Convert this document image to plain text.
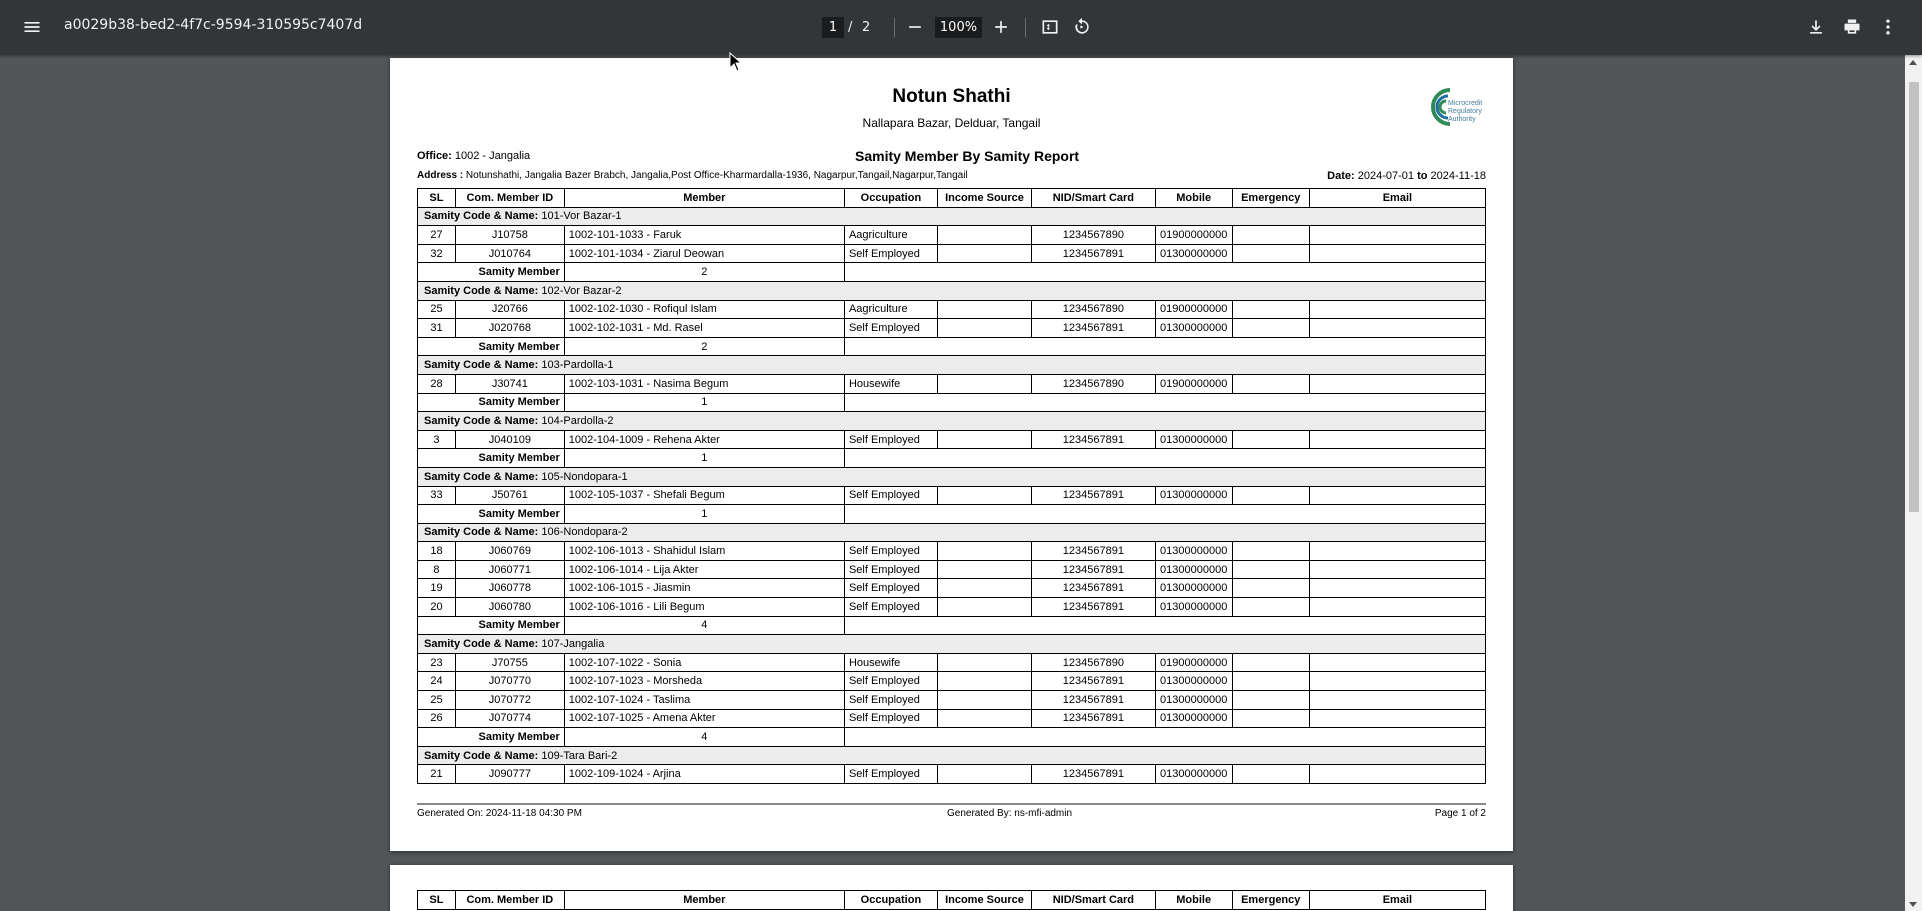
a0029b38-bed2-4f7c-9594-310595c7407d	1 / 2	100%
Notun Shathi
Nallapara Bazar, Delduar, Tangail
Microcredit Regulatory Authority
Samity Member By Samity Report
Office: 1002 - Jangalia
Address : Notunshathi, Jangalia Bazer Brabch, Jangalia,Post Office-Kharmardalla-1936, Nagarpur,Tangail,Nagarpur,Tangail	Date: 2024-07-01 to 2024-11-18
SL	Com. Member ID	Member	Occupation	Income Source	NID/Smart Card	Mobile	Emergency	Email
Samity Code & Name: 101-Vor Bazar-1								
27	J10758	1002-101-1033 - Faruk	Aagriculture		1234567890	01900000000		
32	J010764	1002-101-1034 - Ziarul Deowan	Self Employed		1234567891	01300000000		
Samity Member		2						
Samity Code & Name: 102-Vor Bazar-2								
25	J20766	1002-102-1030 - Rofiqul Islam	Aagriculture		1234567890	01900000000		
31	J020768	1002-102-1031 - Md. Rasel	Self Employed		1234567891	01300000000		
Samity Member		2						
Samity Code & Name: 103-Pardolla-1								
28	J30741	1002-103-1031 - Nasima Begum	Housewife		1234567890	01900000000		
Samity Member		1						
Samity Code & Name: 104-Pardolla-2								
3	J040109	1002-104-1009 - Rehena Akter	Self Employed		1234567891	01300000000		
Samity Member		1						
Samity Code & Name: 105-Nondopara-1								
33	J50761	1002-105-1037 - Shefali Begum	Self Employed		1234567891	01300000000		
Samity Member		1						
Samity Code & Name: 106-Nondopara-2								
18	J060769	1002-106-1013 - Shahidul Islam	Self Employed		1234567891	01300000000		
8	J060771	1002-106-1014 - Lija Akter	Self Employed		1234567891	01300000000		
19	J060778	1002-106-1015 - Jiasmin	Self Employed		1234567891	01300000000		
20	J060780	1002-106-1016 - Lili Begum	Self Employed		1234567891	01300000000		
Samity Member		4						
Samity Code & Name: 107-Jangalia								
23	J70755	1002-107-1022 - Sonia	Housewife		1234567890	01900000000		
24	J070770	1002-107-1023 - Morsheda	Self Employed		1234567891	01300000000		
25	J070772	1002-107-1024 - Taslima	Self Employed		1234567891	01300000000		
26	J070774	1002-107-1025 - Amena Akter	Self Employed		1234567891	01300000000		
Samity Member		4						
Samity Code & Name: 109-Tara Bari-2								
21	J090777	1002-109-1024 - Arjina	Self Employed		1234567891	01300000000		
Generated On: 2024-11-18 04:30 PM	Generated By: ns-mfi-admin	Page 1 of 2
SL	Com. Member ID	Member	Occupation	Income Source	NID/Smart Card	Mobile	Emergency	Email
